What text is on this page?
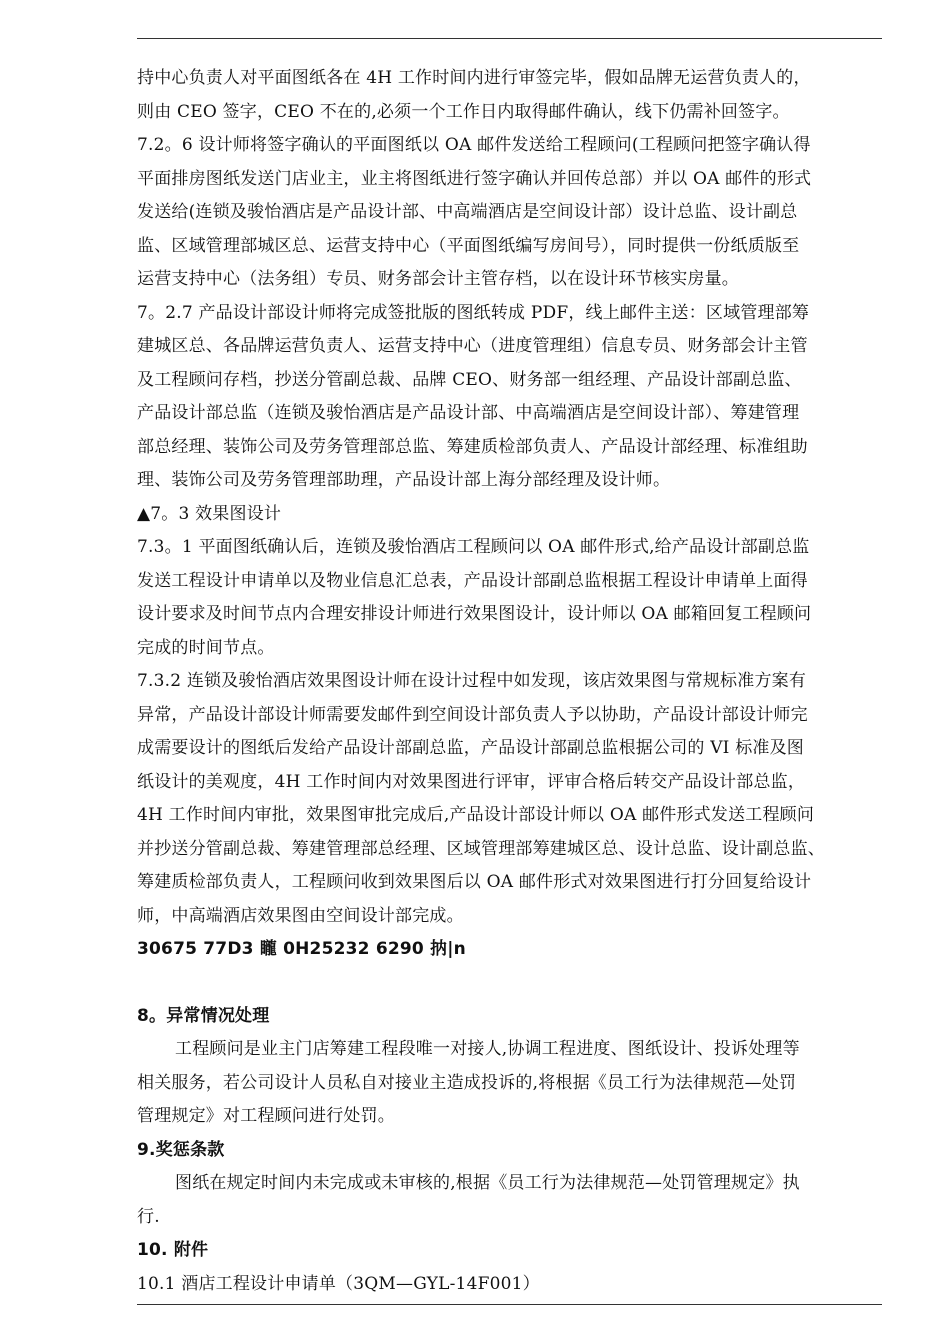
持中心负责人对平面图纸各在 4H 工作时间内进行审签完毕，假如品牌无运营负责人的，
则由 CEO 签字，CEO 不在的,必须一个工作日内取得邮件确认，线下仍需补回签字。
7.2。6 设计师将签字确认的平面图纸以 OA 邮件发送给工程顾问(工程顾问把签字确认得
平面排房图纸发送门店业主，业主将图纸进行签字确认并回传总部）并以 OA 邮件的形式
发送给(连锁及骏怡酒店是产品设计部、中高端酒店是空间设计部）设计总监、设计副总
监、区域管理部城区总、运营支持中心（平面图纸编写房间号），同时提供一份纸质版至
运营支持中心（法务组）专员、财务部会计主管存档，以在设计环节核实房量。
7。2.7 产品设计部设计师将完成签批版的图纸转成 PDF，线上邮件主送：区域管理部筹
建城区总、各品牌运营负责人、运营支持中心（进度管理组）信息专员、财务部会计主管
及工程顾问存档，抄送分管副总裁、品牌 CEO、财务部一组经理、产品设计部副总监、
产品设计部总监（连锁及骏怡酒店是产品设计部、中高端酒店是空间设计部）、筹建管理
部总经理、装饰公司及劳务管理部总监、筹建质检部负责人、产品设计部经理、标准组助
理、装饰公司及劳务管理部助理，产品设计部上海分部经理及设计师。
▲7。3 效果图设计
7.3。1 平面图纸确认后，连锁及骏怡酒店工程顾问以 OA 邮件形式,给产品设计部副总监
发送工程设计申请单以及物业信息汇总表，产品设计部副总监根据工程设计申请单上面得
设计要求及时间节点内合理安排设计师进行效果图设计，设计师以 OA 邮箱回复工程顾问
完成的时间节点。
7.3.2 连锁及骏怡酒店效果图设计师在设计过程中如发现，该店效果图与常规标准方案有
异常，产品设计部设计师需要发邮件到空间设计部负责人予以协助，产品设计部设计师完
成需要设计的图纸后发给产品设计部副总监，产品设计部副总监根据公司的 VI 标准及图
纸设计的美观度，4H 工作时间内对效果图进行评审，评审合格后转交产品设计部总监，
4H 工作时间内审批，效果图审批完成后,产品设计部设计师以 OA 邮件形式发送工程顾问
并抄送分管副总裁、筹建管理部总经理、区域管理部筹建城区总、设计总监、设计副总监、
筹建质检部负责人，工程顾问收到效果图后以 OA 邮件形式对效果图进行打分回复给设计
师，中高端酒店效果图由空间设计部完成。
30675 77D3 矓 0H25232 6290 抐|n
8。异常情况处理
工程顾问是业主门店筹建工程段唯一对接人,协调工程进度、图纸设计、投诉处理等
相关服务，若公司设计人员私自对接业主造成投诉的,将根据《员工行为法律规范—处罚
管理规定》对工程顾问进行处罚。
9.奖惩条款
图纸在规定时间内未完成或未审核的,根据《员工行为法律规范—处罚管理规定》执
行.
10. 附件
10.1 酒店工程设计申请单（3QM—GYL-14F001）
